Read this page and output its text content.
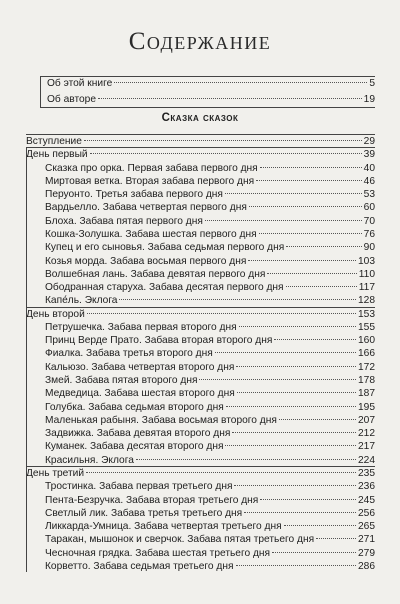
Содержание
Об этой книге	5
Об авторе	19
Сказка сказок
Вступление	29
День первый	39
Сказка про орка. Первая забава первого дня	40
Миртовая ветка. Вторая забава первого дня	46
Перуонто. Третья забава первого дня	53
Вардьелло. Забава четвертая первого дня	60
Блоха. Забава пятая первого дня	70
Кошка-Золушка. Забава шестая первого дня	76
Купец и его сыновья. Забава седьмая первого дня	90
Козья морда. Забава восьмая первого дня	103
Волшебная лань. Забава девятая первого дня	110
Ободранная старуха. Забава десятая первого дня	117
Капе́ль. Эклога	128
День второй	153
Петрушечка. Забава первая второго дня	155
Принц Верде Прато. Забава вторая второго дня	160
Фиалка. Забава третья второго дня	166
Кальюзо. Забава четвертая второго дня	172
Змей. Забава пятая второго дня	178
Медведица. Забава шестая второго дня	187
Голубка. Забава седьмая второго дня	195
Маленькая рабыня. Забава восьмая второго дня	207
Задвижка. Забава девятая второго дня	212
Куманек. Забава десятая второго дня	217
Красильня. Эклога	224
День третий	235
Тростинка. Забава первая третьего дня	236
Пента-Безручка. Забава вторая третьего дня	245
Светлый лик. Забава третья третьего дня	256
Ликкарда-Умница. Забава четвертая третьего дня	265
Таракан, мышонок и сверчок. Забава пятая третьего дня	271
Чесночная грядка. Забава шестая третьего дня	279
Корветто. Забава седьмая третьего дня	286
